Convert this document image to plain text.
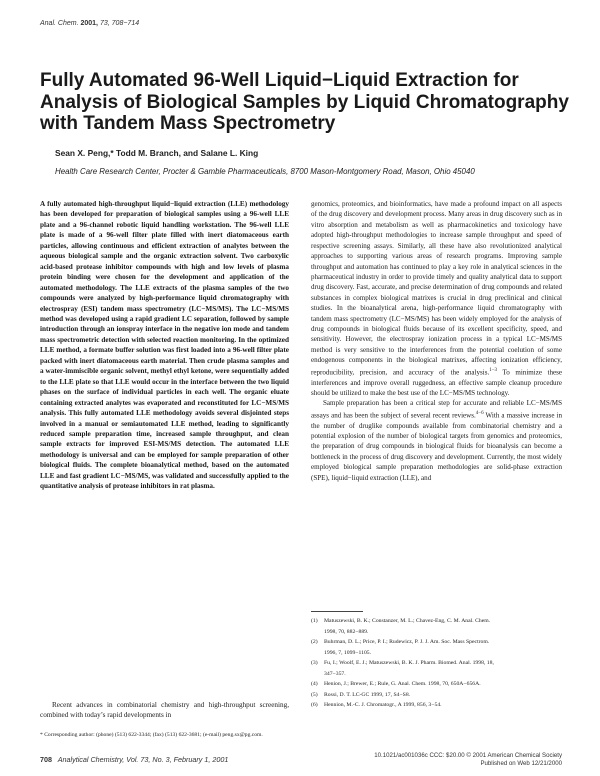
Anal. Chem. 2001, 73, 708−714
Fully Automated 96-Well Liquid−Liquid Extraction for Analysis of Biological Samples by Liquid Chromatography with Tandem Mass Spectrometry
Sean X. Peng,* Todd M. Branch, and Salane L. King
Health Care Research Center, Procter & Gamble Pharmaceuticals, 8700 Mason-Montgomery Road, Mason, Ohio 45040

A fully automated high-throughput liquid−liquid extraction (LLE) methodology has been developed for preparation of biological samples using a 96-well LLE plate and a 96-channel robotic liquid handling workstation. The 96-well LLE plate is made of a 96-well filter plate filled with inert diatomaceous earth particles, allowing continuous and efficient extraction of analytes between the aqueous biological sample and the organic extraction solvent. Two carboxylic acid-based protease inhibitor compounds with high and low levels of plasma protein binding were chosen for the development and application of the automated methodology. The LLE extracts of the plasma samples of the two compounds were analyzed by high-performance liquid chromatography with electrospray (ESI) tandem mass spectrometry (LC−MS/MS). The LC−MS/MS method was developed using a rapid gradient LC separation, followed by sample introduction through an ionspray interface in the negative ion mode and tandem mass spectrometric detection with selected reaction monitoring. In the optimized LLE method, a formate buffer solution was first loaded into a 96-well filter plate packed with inert diatomaceous earth material. Then crude plasma samples and a water-immiscible organic solvent, methyl ethyl ketone, were sequentially added to the LLE plate so that LLE would occur in the interface between the two liquid phases on the surface of individual particles in each well. The organic eluate containing extracted analytes was evaporated and reconstituted for LC−MS/MS analysis. This fully automated LLE methodology avoids several disjointed steps involved in a manual or semiautomated LLE method, leading to significantly reduced sample preparation time, increased sample throughput, and clean sample extracts for improved ESI-MS/MS detection. The automated LLE methodology is universal and can be employed for sample preparation of other biological fluids. The complete bioanalytical method, based on the automated LLE and fast gradient LC−MS/MS, was validated and successfully applied to the quantitative analysis of protease inhibitors in rat plasma.

Recent advances in combinatorial chemistry and high-throughput screening, combined with today’s rapid developments in

* Corresponding author: (phone) (513) 622-3344; (fax) (513) 622-3681; (e-mail) peng.sx@pg.com.

genomics, proteomics, and bioinformatics, have made a profound impact on all aspects of the drug discovery and development process. Many areas in drug discovery such as in vitro absorption and metabolism as well as pharmacokinetics and toxicology have adopted high-throughput methodologies to increase sample throughput and speed of respective screening assays. Similarly, all these have also revolutionized analytical approaches to supporting various areas of research programs. Improving sample throughput and automation has continued to play a key role in analytical sciences in the pharmaceutical industry in order to provide timely and quality analytical data to support drug discovery. Fast, accurate, and precise determination of drug compounds and related substances in complex biological matrixes is crucial in drug preclinical and clinical studies. In the bioanalytical arena, high-performance liquid chromatography with tandem mass spectrometry (LC−MS/MS) has been widely employed for the analysis of drug compounds in biological fluids because of its excellent specificity, speed, and sensitivity. However, the electrospray ionization process in a typical LC−MS/MS method is very sensitive to the interferences from the potential coelution of some endogenous components in the biological matrixes, affecting ionization efficiency, reproducibility, precision, and accuracy of the analysis.$^{1-3}$ To minimize these interferences and improve overall ruggedness, an effective sample cleanup procedure should be utilized to make the best use of the LC−MS/MS technology.

Sample preparation has been a critical step for accurate and reliable LC−MS/MS assays and has been the subject of several recent reviews.$^{4-6}$ With a massive increase in the number of druglike compounds available from combinatorial chemistry and a potential explosion of the number of biological targets from genomics and proteomics, the preparation of drug compounds in biological fluids for bioanalysis can become a bottleneck in the process of drug discovery and development. Currently, the most widely employed biological sample preparation methodologies are solid-phase extraction (SPE), liquid−liquid extraction (LLE), and

(1) Matuszewski, B. K.; Constanzer, M. L.; Chavez-Eng, C. M. Anal. Chem.
1998, 70, 882−889.
(2) Buhrman, D. L.; Price, P. I.; Rudewicz, P. J. J. Am. Soc. Mass Spectrom.
1996, 7, 1099−1105.
(3) Fu, I.; Woolf, E. J.; Matuszewski, B. K. J. Pharm. Biomed. Anal. 1998, 18,
347−357.
(4) Henion, J.; Brewer, E.; Rule, G. Anal. Chem. 1998, 70, 650A−656A.
(5) Rossi, D. T. LC-GC 1999, 17, S4−S8.
(6) Hennion, M.-C. J. Chromatogr., A 1999, 856, 3−54.
708 Analytical Chemistry, Vol. 73, No. 3, February 1, 2001	10.1021/ac001036c CCC: $20.00 © 2001 American Chemical Society
Published on Web 12/21/2000
